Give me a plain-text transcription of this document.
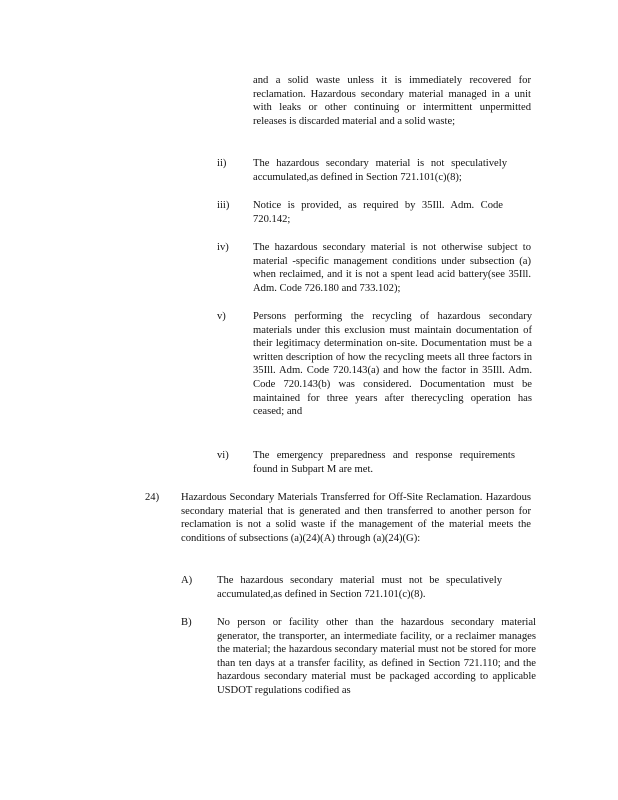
and a solid waste unless it is immediately recovered for reclamation. Hazardous secondary material managed in a unit with leaks or other continuing or intermittent unpermitted releases is discarded material and a solid waste;

ii)	The hazardous secondary material is not speculatively accumulated,as defined in Section 721.101(c)(8);

iii) Notice is provided, as required by 35Ill. Adm. Code 720.142;

iv) The hazardous secondary material is not otherwise subject to material -specific management conditions under subsection (a) when reclaimed, and it is not a spent lead acid battery(see 35Ill. Adm. Code 726.180 and 733.102);

v)	Persons performing the recycling of hazardous secondary materials under this exclusion must maintain documentation of their legitimacy determination on-site. Documentation must be a written description of how the recycling meets all three factors in 35Ill. Adm. Code 720.143(a) and how the factor in 35Ill. Adm. Code 720.143(b) was considered. Documentation must be maintained for three years after therecycling operation has ceased; and

vi) The emergency preparedness and response requirements found in Subpart M are met.

24) Hazardous Secondary Materials Transferred for Off-Site Reclamation. Hazardous secondary material that is generated and then transferred to another person for reclamation is not a solid waste if the management of the material meets the conditions of subsections (a)(24)(A) through (a)(24)(G):

A) The hazardous secondary material must not be speculatively accumulated,as defined in Section 721.101(c)(8).

B) No person or facility other than the hazardous secondary material generator, the transporter, an intermediate facility, or a reclaimer manages the material; the hazardous secondary material must not be stored for more than ten days at a transfer facility, as defined in Section 721.110; and the hazardous secondary material must be packaged according to applicable USDOT regulations codified as
